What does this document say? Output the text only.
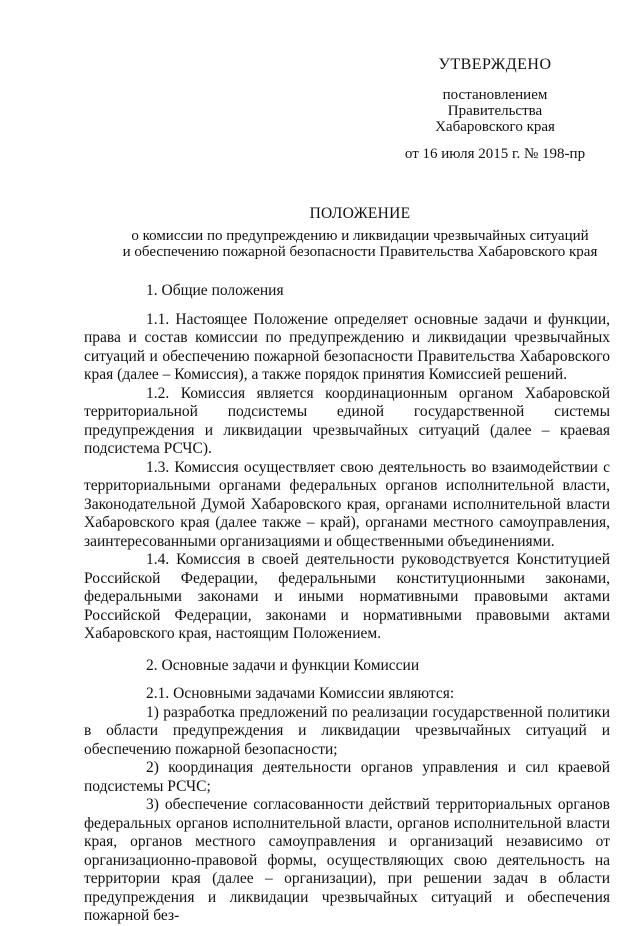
УТВЕРЖДЕНО
постановлением
Правительства
Хабаровского края
от 16 июля 2015 г. № 198-пр
ПОЛОЖЕНИЕ
о комиссии по предупреждению и ликвидации чрезвычайных ситуаций
и обеспечению пожарной безопасности Правительства Хабаровского края

1. Общие положения

1.1. Настоящее Положение определяет основные задачи и функции, права и состав комиссии по предупреждению и ликвидации чрезвычайных ситуаций и обеспечению пожарной безопасности Правительства Хабаровского края (далее – Комиссия), а также порядок принятия Комиссией решений.

1.2. Комиссия является координационным органом Хабаровской территориальной подсистемы единой государственной системы предупреждения и ликвидации чрезвычайных ситуаций (далее – краевая подсистема РСЧС).

1.3. Комиссия осуществляет свою деятельность во взаимодействии с территориальными органами федеральных органов исполнительной власти, Законодательной Думой Хабаровского края, органами исполнительной власти Хабаровского края (далее также – край), органами местного самоуправления, заинтересованными организациями и общественными объединениями.

1.4. Комиссия в своей деятельности руководствуется Конституцией Российской Федерации, федеральными конституционными законами, федеральными законами и иными нормативными правовыми актами Российской Федерации, законами и нормативными правовыми актами Хабаровского края, настоящим Положением.

2. Основные задачи и функции Комиссии

2.1. Основными задачами Комиссии являются:

1) разработка предложений по реализации государственной политики в области предупреждения и ликвидации чрезвычайных ситуаций и обеспечению пожарной безопасности;

2) координация деятельности органов управления и сил краевой подсистемы РСЧС;

3) обеспечение согласованности действий территориальных органов федеральных органов исполнительной власти, органов исполнительной власти края, органов местного самоуправления и организаций независимо от организационно-правовой формы, осуществляющих свою деятельность на территории края (далее – организации), при решении задач в области предупреждения и ликвидации чрезвычайных ситуаций и обеспечения пожарной без-
